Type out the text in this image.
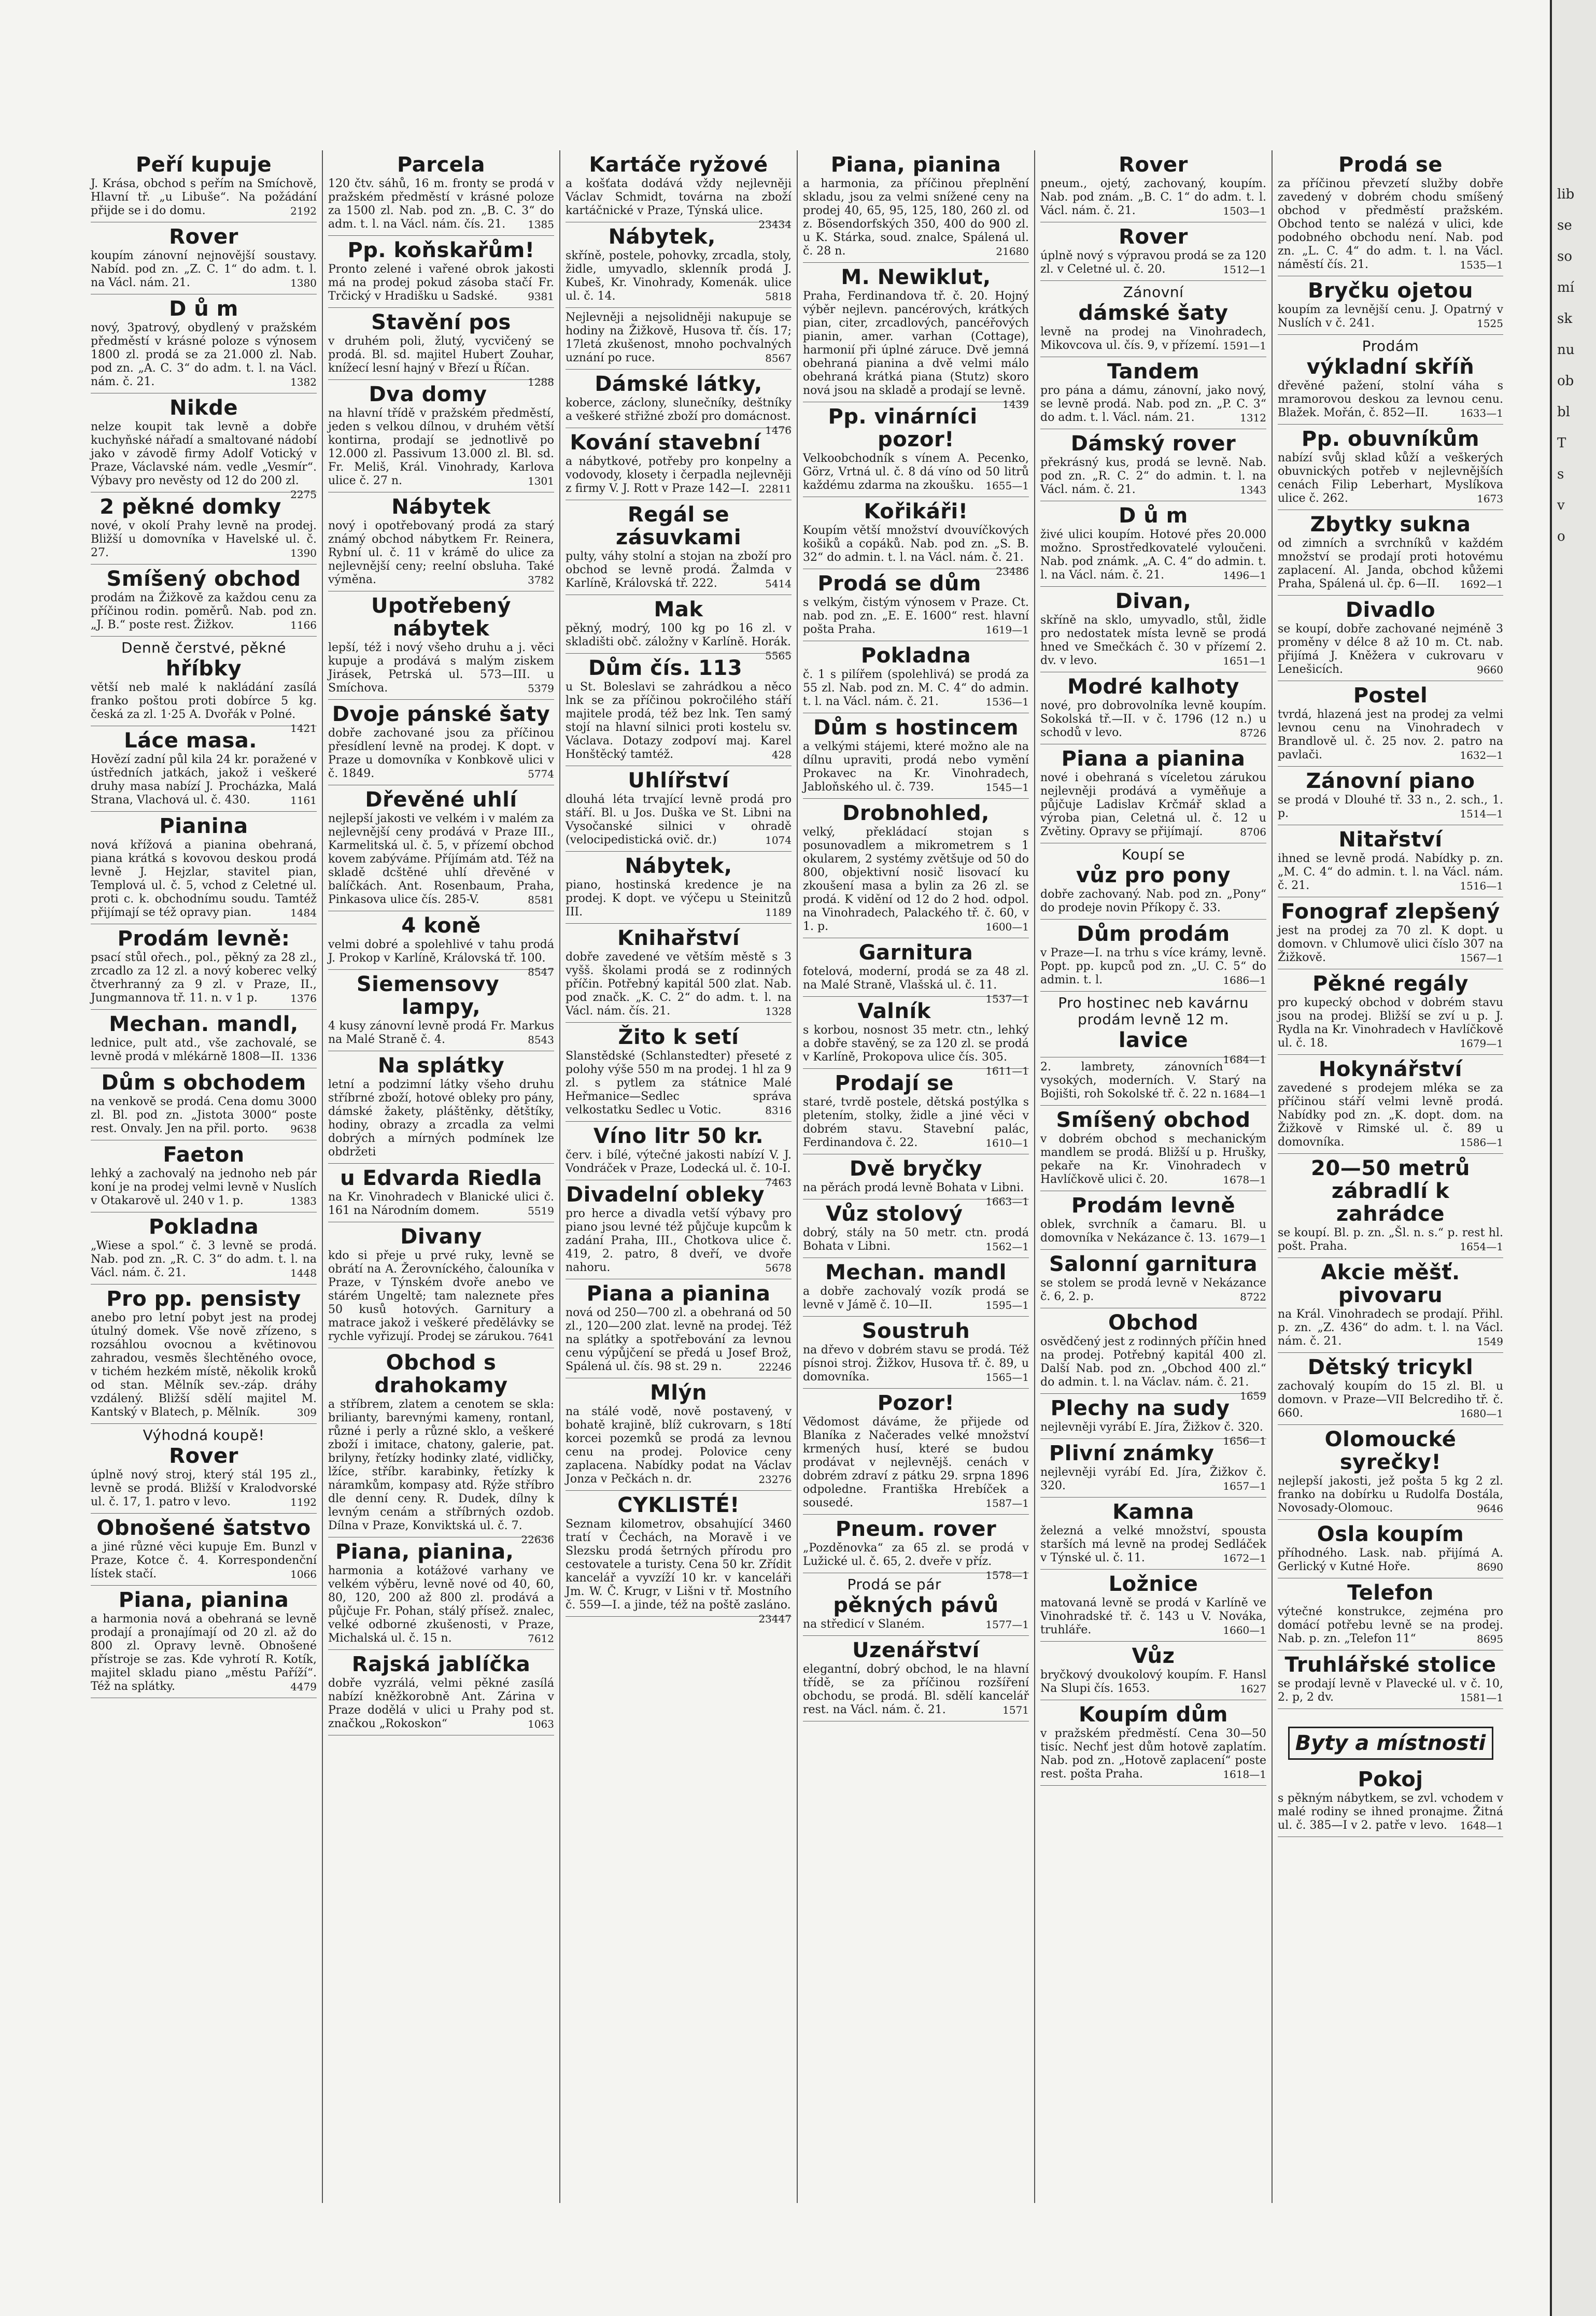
Peří kupuje

J. Krása, obchod s peřím na Smíchově, Hlavní tř. „u Libuše“. Na požádání přijde se i do domu.	2192

Rover

koupím zánovní nejnovější soustavy. Nabíd. pod zn. „Z. C. 1“ do adm. t. l. na Václ. nám. 21.	1380

D ů m

nový, 3patrový, obydlený v pražském předměstí v krásné poloze s výnosem 1800 zl. prodá se za 21.000 zl. Nab. pod zn. „A. C. 3“ do adm. t. l. na Václ. nám. č. 21.	1382

Nikde

nelze koupit tak levně a dobře kuchyňské nářadí a smaltované nádobí jako v závodě firmy Adolf Votický v Praze, Václavské nám. vedle „Vesmír“. Výbavy pro nevěsty od 12 do 200 zl.
2275

2 pěkné domky

nové, v okolí Prahy levně na prodej. Bližší u domovníka v Havelské ul. č. 27.	1390

Smíšený obchod

prodám na Žižkově za každou cenu za příčinou rodin. poměrů. Nab. pod zn. „J. B.“ poste rest. Žižkov.	1166

Denně čerstvé, pěkné
hříbky

větší neb malé k nakládání zasílá franko poštou proti dobírce 5 kg. česká za zl. 1·25 A. Dvořák v Polné.
1421

Láce masa.

Hovězí zadní půl kila 24 kr. poražené v ústředních jatkách, jakož i veškeré druhy masa nabízí J. Procházka, Malá Strana, Vlachová ul. č. 430.	1161

Pianina

nová křížová a pianina obehraná, piana krátká s kovovou deskou prodá levně J. Hejzlar, stavitel pian, Templová ul. č. 5, vchod z Celetné ul. proti c. k. obchodnímu soudu. Tamtéž přijímají se též opravy pian.	1484

Prodám levně:

psací stůl ořech., pol., pěkný za 28 zl., zrcadlo za 12 zl. a nový koberec velký čtverhranný za 9 zl. v Praze, II., Jungmannova tř. 11. n. v 1 p.	1376

Mechan. mandl,

lednice, pult atd., vše zachovalé, se levně prodá v mlékárně 1808—II. 1336

Dům s obchodem

na venkově se prodá. Cena domu 3000 zl. Bl. pod zn. „Jistota 3000“ poste rest. Onvaly. Jen na přil. porto. 9638

Faeton

lehký a zachovalý na jednoho neb pár koní je na prodej velmi levně v Nuslích v Otakarově ul. 240 v 1. p.	1383

Pokladna

„Wiese a spol.“ č. 3 levně se prodá. Nab. pod zn. „R. C. 3“ do adm. t. l. na Václ. nám. č. 21.	1448

Pro pp. pensisty

anebo pro letní pobyt jest na prodej útulný domek. Vše nově zřízeno, s rozsáhlou ovocnou a květinovou zahradou, vesměs šlechtěného ovoce, v tichém hezkém místě, několik kroků od stan. Mělník sev.-záp. dráhy vzdálený. Bližší sdělí majitel M. Kantský v Blatech, p. Mělník.	309

Výhodná koupě!
Rover

úplně nový stroj, který stál 195 zl., levně se prodá. Bližší v Kralodvorské ul. č. 17, 1. patro v levo.	1192

Obnošené šatstvo

a jiné různé věci kupuje Em. Bunzl v Praze, Kotce č. 4. Korrespondenční lístek stačí.	1066

Piana, pianina

a harmonia nová a obehraná se levně prodají a pronajímají od 20 zl. až do 800 zl. Opravy levně. Obnošené přístroje se zas. Kde vyhrotí R. Kotík, majitel skladu piano „městu Paříží“. Též na splátky.	4479

Parcela

120 čtv. sáhů, 16 m. fronty se prodá v pražském předměstí v krásné poloze za 1500 zl. Nab. pod zn. „B. C. 3“ do adm. t. l. na Václ. nám. čís. 21. 1385

Pp. koňskařům!

Pronto zelené i vařené obrok jakosti má na prodej pokud zásoba stačí Fr. Trčický v Hradišku u Sadské.	9381

Stavění pos

v druhém poli, žlutý, vycvičený se prodá. Bl. sd. majitel Hubert Zouhar, knížecí lesní hajný v Březí u Říčan.
1288

Dva domy

na hlavní třídě v pražském předměstí, jeden s velkou dílnou, v druhém větší kontirna, prodají se jednotlivě po 12.000 zl. Passivum 13.000 zl. Bl. sd. Fr. Meliš, Král. Vinohrady, Karlova ulice č. 27 n.	1301

Nábytek

nový i opotřebovaný prodá za starý známý obchod nábytkem Fr. Reinera, Rybní ul. č. 11 v krámě do ulice za nejlevnější ceny; reelní obsluha. Také výměna.	3782

Upotřebený nábytek

lepší, též i nový všeho druhu a j. věci kupuje a prodává s malým ziskem Jirásek, Petrská ul. 573—III. u Smíchova.	5379

Dvoje pánské šaty

dobře zachované jsou za příčinou přesídlení levně na prodej. K dopt. v Praze u domovníka v Konbkově ulici v č. 1849.	5774

Dřevěné uhlí

nejlepší jakosti ve velkém i v malém za nejlevnější ceny prodává v Praze III., Karmelitská ul. č. 5, v přízemí obchod kovem zabýváme. Příjímám atd. Též na skladě dcštěné uhlí dřevěné v balíčkách. Ant. Rosenbaum, Praha, Pinkasova ulice čís. 285-V.	8581

4 koně

velmi dobré a spolehlivé v tahu prodá J. Prokop v Karlíně, Královská tř. 100.
8547

Siemensovy lampy,

4 kusy zánovní levně prodá Fr. Markus na Malé Straně č. 4.	8543

Na splátky

letní a podzimní látky všeho druhu stříbrné zboží, hotové obleky pro pány, dámské žakety, pláštěnky, dětštíky, hodiny, obrazy a zrcadla za velmi dobrých a mírných podmínek lze obdržeti

u Edvarda Riedla

na Kr. Vinohradech v Blanické ulici č. 161 na Národním domem.	5519

Divany

kdo si přeje u prvé ruky, levně se obrátí na A. Žerovníckého, čalouníka v Praze, v Týnském dvoře anebo ve stárém Ungeltě; tam naleznete přes 50 kusů hotových. Garnitury a matrace jakož i veškeré předělávky se rychle vyřizují. Prodej se zárukou. 7641

Obchod s drahokamy

a stříbrem, zlatem a cenotem se skla: brilianty, barevnými kameny, rontanl, různé i perly a různé sklo, a veškeré zboží i imitace, chatony, galerie, pat. brilyny, řetízky hodinky zlaté, vidličky, lžíce, stříbr. karabinky, řetízky k náramkům, kompasy atd. Rýže stříbro dle denní ceny. R. Dudek, dílny k levným cenám a stříbrných ozdob. Dílna v Praze, Konviktská ul. č. 7.
22636

Piana, pianina,

harmonia a kotážové varhany ve velkém výběru, levně nové od 40, 60, 80, 120, 200 až 800 zl. prodává a půjčuje Fr. Pohan, stálý přísež. znalec, velké odborné zkušenosti, v Praze, Michalská ul. č. 15 n.	7612

Rajská jablíčka

dobře vyzrálá, velmi pěkné zasílá nabízí kněžkorobně Ant. Zárina v Praze dodělá v ulici u Prahy pod st. značkou „Rokoskon“	1063

Kartáče ryžové

a košťata dodává vždy nejlevněji Václav Schmidt, továrna na zboží kartáčnické v Praze, Týnská ulice.
23434

Nábytek,

skříně, postele, pohovky, zrcadla, stoly, židle, umyvadlo, sklenník prodá J. Kubeš, Kr. Vinohrady, Komenák. ulice ul. č. 14.	5818

Nejlevněji a nejsolidněji nakupuje se hodiny na Žižkově, Husova tř. čís. 17; 17letá zkušenost, mnoho pochvalných uznání po ruce.	8567

Dámské látky,

koberce, záclony, slunečníky, deštníky a veškeré střižné zboží pro domácnost.
1476

Kování stavební

a nábytkové, potřeby pro konpelny a vodovody, klosety i čerpadla nejlevněji z firmy V. J. Rott v Praze 142—I. 22811

Regál se zásuvkami

pulty, váhy stolní a stojan na zboží pro obchod se levně prodá. Žalmda v Karlíně, Královská tř. 222.	5414

Mak

pěkný, modrý, 100 kg po 16 zl. v skladišti obč. záložny v Karlíně. Horák.
5565

Dům čís. 113

u St. Boleslavi se zahrádkou a něco lnk se za příčinou pokročilého stáří majitele prodá, též bez lnk. Ten samý stojí na hlavní silnici proti kostelu sv. Václava. Dotazy zodpoví maj. Karel Honštěcký tamtéž.	428

Uhlířství

dlouhá léta trvající levně prodá pro stáří. Bl. u Jos. Duška ve St. Libni na Vysočanské silnici v ohradě (velocipedistická ovič. dr.)	1074

Nábytek,

piano, hostinská kredence je na prodej. K dopt. ve výčepu u Steinitzů III.	1189

Knihařství

dobře zavedené ve větším městě s 3 vyšš. školami prodá se z rodinných příčin. Potřebný kapitál 500 zlat. Nab. pod značk. „K. C. 2“ do adm. t. l. na Václ. nám. čís. 21.	1328

Žito k setí

Slanstědské (Schlanstedter) přeseté z polohy výše 550 m na prodej. 1 hl za 9 zl. s pytlem za státnice Malé Heřmanice—Sedlec správa velkostatku Sedlec u Votic.	8316

Víno litr 50 kr.

červ. i bílé, výtečné jakosti nabízí V. J. Vondráček v Praze, Lodecká ul. č. 10-I.
7463

Divadelní obleky

pro herce a divadla vetší výbavy pro piano jsou levné též půjčuje kupcům k zadání Praha, III., Chotkova ulice č. 419, 2. patro, 8 dveří, ve dvoře nahoru.	5678

Piana a pianina

nová od 250—700 zl. a obehraná od 50 zl., 120—200 zlat. levně na prodej. Též na splátky a spotřebování za levnou cenu výpůjčení se předá u Josef Brož, Spálená ul. čís. 98 st. 29 n.	22246

Mlýn

na stálé vodě, nově postavený, v bohatě krajině, blíž cukrovarn, s 18tí korcei pozemků se prodá za levnou cenu na prodej. Polovice ceny zaplacena. Nabídky podat na Václav Jonza v Pečkách n. dr.	23276

CYKLISTÉ!

Seznam kilometrov, obsahující 3460 tratí v Čechách, na Moravě i ve Slezsku prodá šetrných přírodu pro cestovatele a turisty. Cena 50 kr. Zřídit kancelář a vyvzíží 10 kr. v kanceláři Jm. W. Č. Krugr, v Lišni v tř. Mostního č. 559—I. a jinde, též na poště zasláno.
23447

Piana, pianina

a harmonia, za příčinou přeplnění skladu, jsou za velmi snížené ceny na prodej 40, 65, 95, 125, 180, 260 zl. od z. Bösendorfských 350, 400 do 900 zl. u K. Stárka, soud. znalce, Spálená ul. č. 28 n.	21680

M. Newiklut,

Praha, Ferdinandova tř. č. 20. Hojný výběr nejlevn. pancérových, krátkých pian, citer, zrcadlových, pancéřových pianin, amer. varhan (Cottage), harmonií při úplné záruce. Dvě jemná obehraná pianina a dvě velmi málo obehraná krátká piana (Stutz) skoro nová jsou na skladě a prodají se levně.
1439

Pp. vinárníci pozor!

Velkoobchodník s vínem A. Pecenko, Görz, Vrtná ul. č. 8 dá víno od 50 litrů každému zdarma na zkoušku. 1655—1

Kořikáři!

Koupím větší množství dvouvíčkových košiků a copáků. Nab. pod zn. „S. B. 32“ do admin. t. l. na Václ. nám. č. 21.
23486

Prodá se dům

s velkým, čistým výnosem v Praze. Ct. nab. pod zn. „E. E. 1600“ rest. hlavní pošta Praha.	1619—1

Pokladna

č. 1 s pilířem (spolehlivá) se prodá za 55 zl. Nab. pod zn. M. C. 4“ do admin. t. l. na Václ. nám. č. 21.	1536—1

Dům s hostincem

a velkými stájemi, které možno ale na dílnu upraviti, prodá nebo vymění Prokavec na Kr. Vinohradech, Jabloňského ul. č. 739.	1545—1

Drobnohled,

velký, překládací stojan s posunovadlem a mikrometrem s 1 okularem, 2 systémy zvětšuje od 50 do 800, objektivní nosič lisovací ku zkoušení masa a bylin za 26 zl. se prodá. K vidění od 12 do 2 hod. odpol. na Vinohradech, Palackého tř. č. 60, v 1. p.	1600—1

Garnitura

fotelová, moderní, prodá se za 48 zl. na Malé Straně, Vlašská ul. č. 11.
1537—1

Valník

s korbou, nosnost 35 metr. ctn., lehký a dobře stavěný, se za 120 zl. se prodá v Karlíně, Prokopova ulice čís. 305.
1611—1

Prodají se

staré, tvrdě postele, dětská postýlka s pletením, stolky, židle a jiné věci v dobrém stavu. Stavební palác, Ferdinandova č. 22.	1610—1

Dvě bryčky

na pěrách prodá levně Bohata v Libni.
1663—1

Vůz stolový

dobrý, stály na 50 metr. ctn. prodá Bohata v Libni.	1562—1

Mechan. mandl

a dobře zachovalý vozík prodá se levně v Jámě č. 10—II.	1595—1

Soustruh

na dřevo v dobrém stavu se prodá. Též písnoi stroj. Žižkov, Husova tř. č. 89, u domovníka.	1565—1

Pozor!

Vědomost dáváme, že přijede od Blaníka z Načerades velké množství krmených husí, které se budou prodávat v nejlevnějš. cenách v dobrém zdraví z pátku 29. srpna 1896 odpoledne. Františka Hrebíček a sousedé.	1587—1

Pneum. rover

„Pozděnovka“ za 65 zl. se prodá v Lužické ul. č. 65, 2. dveře v příz.
1578—1

Prodá se pár
pěkných pávů

na středicí v Slaném.	1577—1

Uzenářství

elegantní, dobrý obchod, le na hlavní třídě, se za příčinou rozšíření obchodu, se prodá. Bl. sdělí kancelář rest. na Václ. nám. č. 21.	1571

Rover

pneum., ojetý, zachovaný, koupím. Nab. pod znám. „B. C. 1“ do adm. t. l. Václ. nám. č. 21.	1503—1

Rover

úplně nový s výpravou prodá se za 120 zl. v Celetné ul. č. 20.	1512—1

Zánovní
dámské šaty

levně na prodej na Vinohradech, Mikovcova ul. čís. 9, v přízemí. 1591—1

Tandem

pro pána a dámu, zánovní, jako nový, se levně prodá. Nab. pod zn. „P. C. 3“ do adm. t. l. Václ. nám. 21.	1312

Dámský rover

překrásný kus, prodá se levně. Nab. pod zn. „R. C. 2“ do admin. t. l. na Václ. nám. č. 21.	1343

D ů m

živé ulici koupím. Hotové přes 20.000 možno. Sprostředkovatelé vyloučeni. Nab. pod známk. „A. C. 4“ do admin. t. l. na Václ. nám. č. 21.	1496—1

Divan,

skříně na sklo, umyvadlo, stůl, židle pro nedostatek místa levně se prodá hned ve Smečkách č. 30 v přízemí 2. dv. v levo.	1651—1

Modré kalhoty

nové, pro dobrovolníka levně koupím. Sokolská tř.—II. v č. 1796 (12 n.) u schodů v levo.	8726

Piana a pianina

nové i obehraná s víceletou zárukou nejlevněji prodává a vyměňuje a půjčuje Ladislav Krčmář sklad a výroba pian, Celetná ul. č. 12 u Zvětiny. Opravy se přijímají.	8706

Koupí se
vůz pro pony

dobře zachovaný. Nab. pod zn. „Pony“ do prodeje novin Příkopy č. 33.

Dům prodám

v Praze—I. na trhu s více krámy, levně. Popt. pp. kupců pod zn. „U. C. 5“ do admin. t. l.	1686—1

Pro hostinec neb kavárnu prodám levně 12 m.
lavice

1684—1

2. lambrety, zánovních vysokých, moderních. V. Starý na Bojišti, roh Sokolské tř. č. 22 n. 1684—1

Smíšený obchod

v dobrém obchod s mechanickým mandlem se prodá. Bližší u p. Hrušky, pekaře na Kr. Vinohradech v Havlíčkově ulici č. 20.	1678—1

Prodám levně

oblek, svrchník a čamaru. Bl. u domovníka v Nekázance č. 13. 1679—1

Salonní garnitura

se stolem se prodá levně v Nekázance č. 6, 2. p.	8722

Obchod

osvědčený jest z rodinných příčin hned na prodej. Potřebný kapitál 400 zl. Další Nab. pod zn. „Obchod 400 zl.“ do admin. t. l. na Václav. nám. č. 21.
1659

Plechy na sudy

nejlevněji vyrábí E. Jíra, Žižkov č. 320.
1656—1

Plivní známky

nejlevněji vyrábí Ed. Jíra, Žižkov č. 320.	1657—1

Kamna

železná a velké množství, spousta starších má levně na prodej Sedláček v Týnské ul. č. 11.	1672—1

Ložnice

matovaná levně se prodá v Karlíně ve Vinohradské tř. č. 143 u V. Nováka, truhláře.	1660—1

Vůz

bryčkový dvoukolový koupím. F. Hansl Na Slupi čís. 1653.	1627

Koupím dům

v pražském předměstí. Cena 30—50 tisíc. Nechť jest dům hotově zaplatím. Nab. pod zn. „Hotově zaplacení“ poste rest. pošta Praha.	1618—1

Prodá se

za příčinou převzetí služby dobře zavedený v dobrém chodu smíšený obchod v předměstí pražském. Obchod tento se nalézá v ulici, kde podobného obchodu není. Nab. pod zn. „L. C. 4“ do adm. t. l. na Václ. náměstí čís. 21.	1535—1

Bryčku ojetou

koupím za levnější cenu. J. Opatrný v Nuslích v č. 241.	1525

Prodám
výkladní skříň

dřevěné pažení, stolní váha s mramorovou deskou za levnou cenu. Blažek. Mořán, č. 852—II.	1633—1

Pp. obuvníkům

nabízí svůj sklad kůží a veškerých obuvnických potřeb v nejlevnějších cenách Filip Leberhart, Myslíkova ulice č. 262.	1673

Zbytky sukna

od zimních a svrchníků v každém množství se prodají proti hotovému zaplacení. Al. Janda, obchod kůžemi Praha, Spálená ul. čp. 6—II. 1692—1

Divadlo

se koupí, dobře zachované nejméně 3 proměny v délce 8 až 10 m. Ct. nab. přijímá J. Kněžera v cukrovaru v Lenešicích.	9660

Postel

tvrdá, hlazená jest na prodej za velmi levnou cenu na Vinohradech v Brandlově ul. č. 25 nov. 2. patro na pavlači.	1632—1

Zánovní piano

se prodá v Dlouhé tř. 33 n., 2. sch., 1. p.	1514—1

Nitařství

ihned se levně prodá. Nabídky p. zn. „M. C. 4“ do admin. t. l. na Václ. nám. č. 21.	1516—1

Fonograf zlepšený

jest na prodej za 70 zl. K dopt. u domovn. v Chlumově ulici číslo 307 na Žižkově.	1567—1

Pěkné regály

pro kupecký obchod v dobrém stavu jsou na prodej. Bližší se zví u p. J. Rydla na Kr. Vinohradech v Havlíčkově ul. č. 18.	1679—1

Hokynářství

zavedené s prodejem mléka se za příčinou stáří velmi levně prodá. Nabídky pod zn. „K. dopt. dom. na Žižkově v Rimské ul. č. 89 u domovníka.	1586—1

20—50 metrů zábradlí k zahrádce

se koupí. Bl. p. zn. „Šl. n. s.“ p. rest hl. pošt. Praha.	1654—1

Akcie měšť. pivovaru

na Král. Vinohradech se prodají. Přihl. p. zn. „Z. 436“ do adm. t. l. na Václ. nám. č. 21.	1549

Dětský tricykl

zachovalý koupím do 15 zl. Bl. u domovn. v Praze—VII Belcrediho tř. č. 660.	1680—1

Olomoucké syrečky!

nejlepší jakosti, jež pošta 5 kg 2 zl. franko na dobírku u Rudolfa Dostála, Novosady-Olomouc.	9646

Osla koupím

příhodného. Lask. nab. přijímá A. Gerlický v Kutné Hoře.	8690

Telefon

výtečné konstrukce, zejména pro domácí potřebu levně se na prodej. Nab. p. zn. „Telefon 11“	8695

Truhlářské stolice

se prodají levně v Plavecké ul. v č. 10, 2. p, 2 dv.	1581—1

Byty a místnosti
Pokoj

s pěkným nábytkem, se zvl. vchodem v malé rodiny se ihned pronajme. Žitná ul. č. 385—I v 2. patře v levo. 1648—1

lib
se
so
mí
sk
nu
ob
bl
T
s
v
o
